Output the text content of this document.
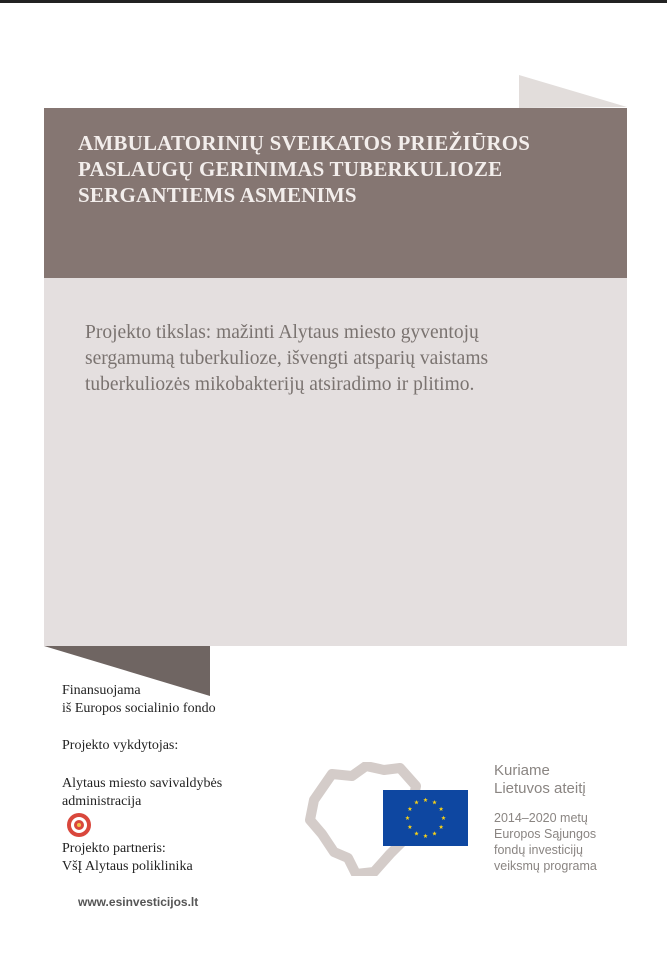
AMBULATORINIŲ SVEIKATOS PRIEŽIŪROS
PASLAUGŲ GERINIMAS TUBERKULIOZE
SERGANTIEMS ASMENIMS

Projekto tikslas: mažinti Alytaus miesto gyventojų
sergamumą tuberkulioze, išvengti atsparių vaistams
tuberkuliozės mikobakterijų atsiradimo ir plitimo.

Finansuojama
iš Europos socialinio fondo

Projekto vykdytojas:

Alytaus miesto savivaldybės
administracija

Projekto partneris:

VšĮ Alytaus poliklinika

www.esinvesticijos.lt

Kuriame
Lietuvos ateitį

2014–2020 metų
Europos Sąjungos
fondų investicijų
veiksmų programa
